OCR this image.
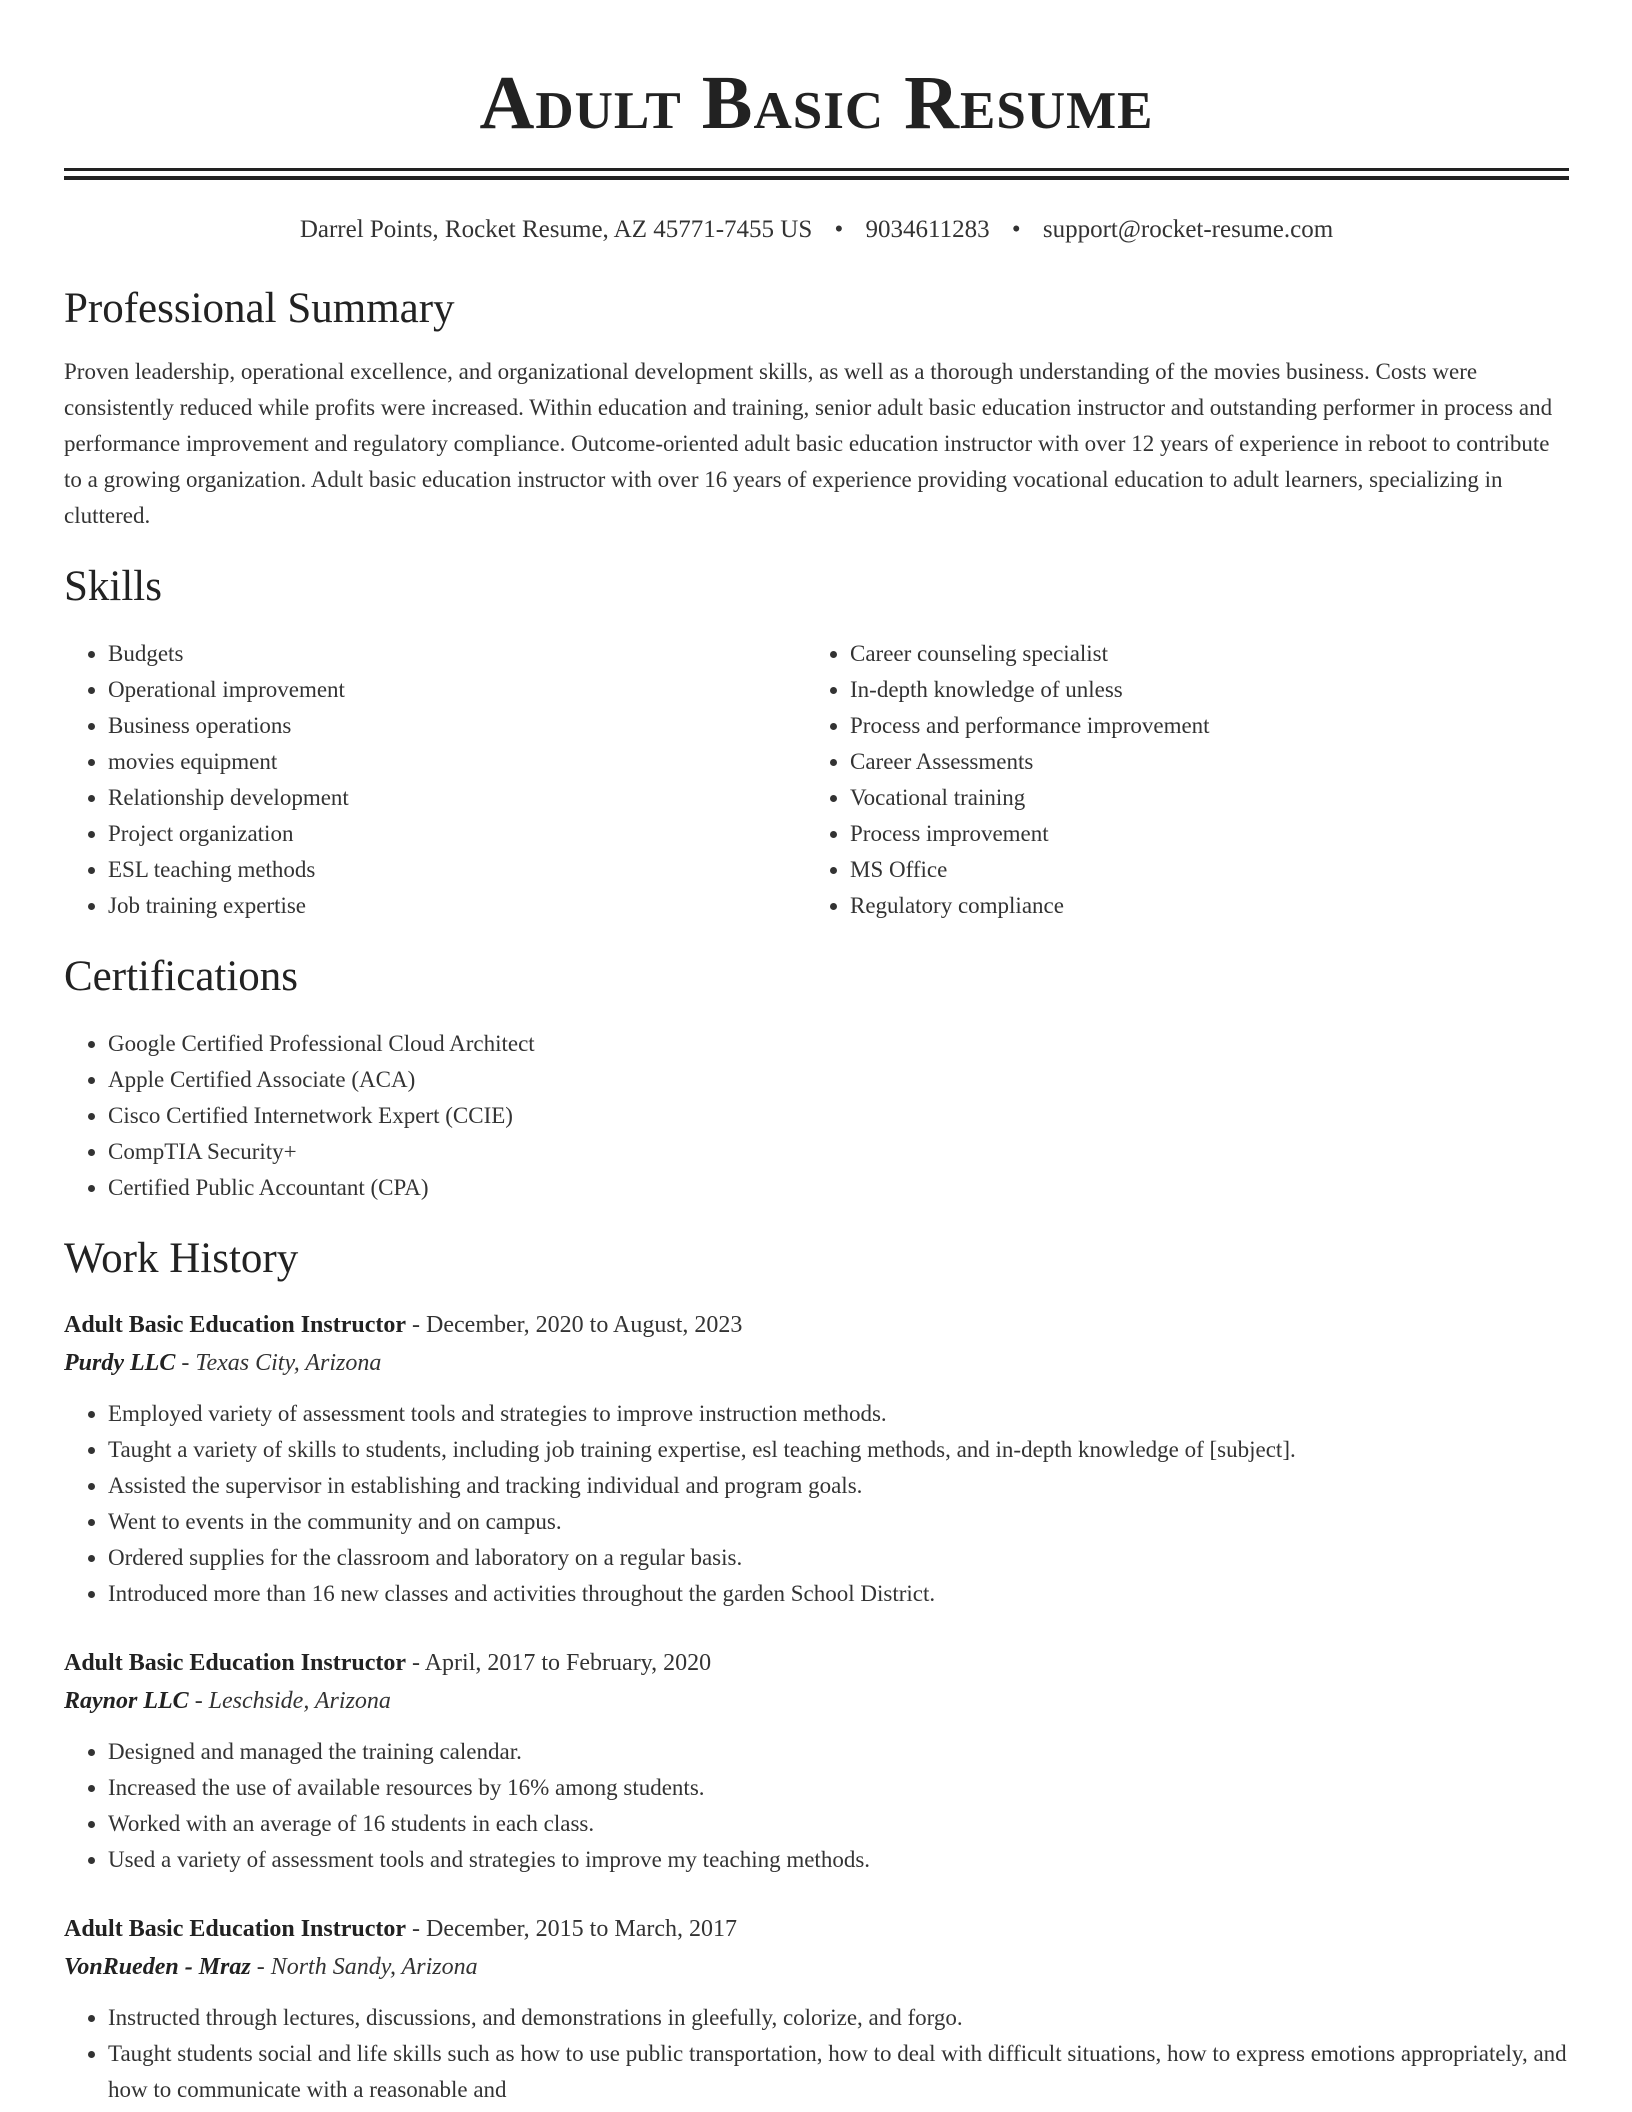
Adult Basic Resume
Darrel Points, Rocket Resume, AZ 45771-7455 US • 9034611283 • support@rocket-resume.com
Professional Summary
Proven leadership, operational excellence, and organizational development skills, as well as a thorough understanding of the movies business. Costs were consistently reduced while profits were increased. Within education and training, senior adult basic education instructor and outstanding performer in process and performance improvement and regulatory compliance. Outcome-oriented adult basic education instructor with over 12 years of experience in reboot to contribute to a growing organization. Adult basic education instructor with over 16 years of experience providing vocational education to adult learners, specializing in cluttered.
Skills
• Budgets
• Operational improvement
• Business operations
• movies equipment
• Relationship development
• Project organization
• ESL teaching methods
• Job training expertise
• Career counseling specialist
• In-depth knowledge of unless
• Process and performance improvement
• Career Assessments
• Vocational training
• Process improvement
• MS Office
• Regulatory compliance
Certifications
• Google Certified Professional Cloud Architect
• Apple Certified Associate (ACA)
• Cisco Certified Internetwork Expert (CCIE)
• CompTIA Security+
• Certified Public Accountant (CPA)
Work History
Adult Basic Education Instructor - December, 2020 to August, 2023
Purdy LLC - Texas City, Arizona
• Employed variety of assessment tools and strategies to improve instruction methods.
• Taught a variety of skills to students, including job training expertise, esl teaching methods, and in-depth knowledge of [subject].
• Assisted the supervisor in establishing and tracking individual and program goals.
• Went to events in the community and on campus.
• Ordered supplies for the classroom and laboratory on a regular basis.
• Introduced more than 16 new classes and activities throughout the garden School District.
Adult Basic Education Instructor - April, 2017 to February, 2020
Raynor LLC - Leschside, Arizona
• Designed and managed the training calendar.
• Increased the use of available resources by 16% among students.
• Worked with an average of 16 students in each class.
• Used a variety of assessment tools and strategies to improve my teaching methods.
Adult Basic Education Instructor - December, 2015 to March, 2017
VonRueden - Mraz - North Sandy, Arizona
• Instructed through lectures, discussions, and demonstrations in gleefully, colorize, and forgo.
• Taught students social and life skills such as how to use public transportation, how to deal with difficult situations, how to express emotions appropriately, and how to communicate with a reasonable and
